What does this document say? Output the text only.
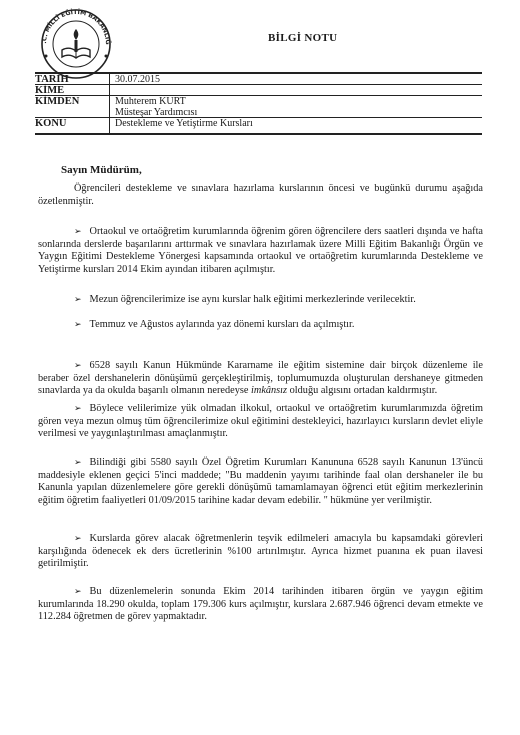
.C. MİLLÎ EĞİTİM BAKANLIĞ	BİLGİ NOTU
TARİH	30.07.2015
KİME
KİMDEN	Muhterem KURT
Müsteşar Yardımcısı
KONU	Destekleme ve Yetiştirme Kursları
Sayın Müdürüm,
Öğrencileri destekleme ve sınavlara hazırlama kurslarının öncesi ve bugünkü durumu aşağıda özetlenmiştir.
➢ Ortaokul ve ortaöğretim kurumlarında öğrenim gören öğrencilere ders saatleri dışında ve hafta sonlarında derslerde başarılarını arttırmak ve sınavlara hazırlamak üzere Milli Eğitim Bakanlığı Örgün ve Yaygın Eğitimi Destekleme Yönergesi kapsamında ortaokul ve ortaöğretim kurumlarında Destekleme ve Yetiştirme kursları 2014 Ekim ayından itibaren açılmıştır.
➢ Mezun öğrencilerimize ise aynı kurslar halk eğitimi merkezlerinde verilecektir.
➢ Temmuz ve Ağustos aylarında yaz dönemi kursları da açılmıştır.
➢ 6528 sayılı Kanun Hükmünde Kararname ile eğitim sistemine dair birçok düzenleme ile beraber özel dershanelerin dönüşümü gerçekleştirilmiş, toplumumuzda oluşturulan dershaneye gitmeden sınavlarda ya da okulda başarılı olmanın neredeyse imkânsız olduğu algısını ortadan kaldırmıştır.
➢ Böylece velilerimize yük olmadan ilkokul, ortaokul ve ortaöğretim kurumlarımızda öğretim gören veya mezun olmuş tüm öğrencilerimize okul eğitimini destekleyici, hazırlayıcı kursların devlet eliyle verilmesi ve yaygınlaştırılması amaçlanmıştır.
➢ Bilindiği gibi 5580 sayılı Özel Öğretim Kurumları Kanununa 6528 sayılı Kanunun 13'üncü maddesiyle eklenen geçici 5'inci maddede; "Bu maddenin yayımı tarihinde faal olan dershaneler ile bu Kanunla yapılan düzenlemelere göre gerekli dönüşümü tamamlamayan öğrenci etüt eğitim merkezlerinin eğitim öğretim faaliyetleri 01/09/2015 tarihine kadar devam edebilir. " hükmüne yer verilmiştir.
➢ Kurslarda görev alacak öğretmenlerin teşvik edilmeleri amacıyla bu kapsamdaki görevleri karşılığında ödenecek ek ders ücretlerinin %100 artırılmıştır. Ayrıca hizmet puanına ek puan ilavesi getirilmiştir.
➢ Bu düzenlemelerin sonunda Ekim 2014 tarihinden itibaren örgün ve yaygın eğitim kurumlarında 18.290 okulda, toplam 179.306 kurs açılmıştır, kurslara 2.687.946 öğrenci devam etmekte ve 112.284 öğretmen de görev yapmaktadır.
